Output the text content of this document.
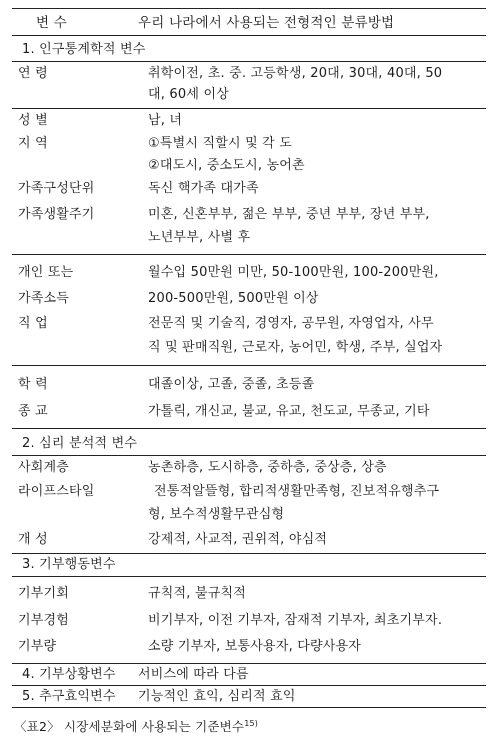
변 수	우리 나라에서 사용되는 전형적인 분류방법
1. 인구통계학적 변수
연 령	취학이전, 초. 중. 고등학생, 20대, 30대, 40대, 50
대, 60세 이상
성 별	남, 녀
지 역	①특별시 직할시 및 각 도
②대도시, 중소도시, 농어촌
가족구성단위	독신 핵가족 대가족
가족생활주기	미혼, 신혼부부, 젊은 부부, 중년 부부, 장년 부부,
노년부부, 사별 후
개인 또는	월수입 50만원 미만, 50-100만원, 100-200만원,
가족소득	200-500만원, 500만원 이상
직 업	전문직 및 기술직, 경영자, 공무원, 자영업자, 사무
직 및 판매직원, 근로자, 농어민, 학생, 주부, 실업자
학 력	대졸이상, 고졸, 중졸, 초등졸
종 교	가톨릭, 개신교, 불교, 유교, 천도교, 무종교, 기타
2. 심리 분석적 변수
사회계층	농촌하층, 도시하층, 중하층, 중상층, 상층
라이프스타일	전통적알뜰형, 합리적생활만족형, 진보적유행추구
형, 보수적생활무관심형
개 성	강제적, 사교적, 권위적, 야심적
3. 기부행동변수
기부기회	규칙적, 불규칙적
기부경험	비기부자, 이전 기부자, 잠재적 기부자, 최초기부자.
기부량	소량 기부자, 보통사용자, 다량사용자
4. 기부상황변수 서비스에 따라 다름
5. 추구효익변수 기능적인 효익, 심리적 효익
〈표2〉 시장세분화에 사용되는 기준변수$^{15)}$
